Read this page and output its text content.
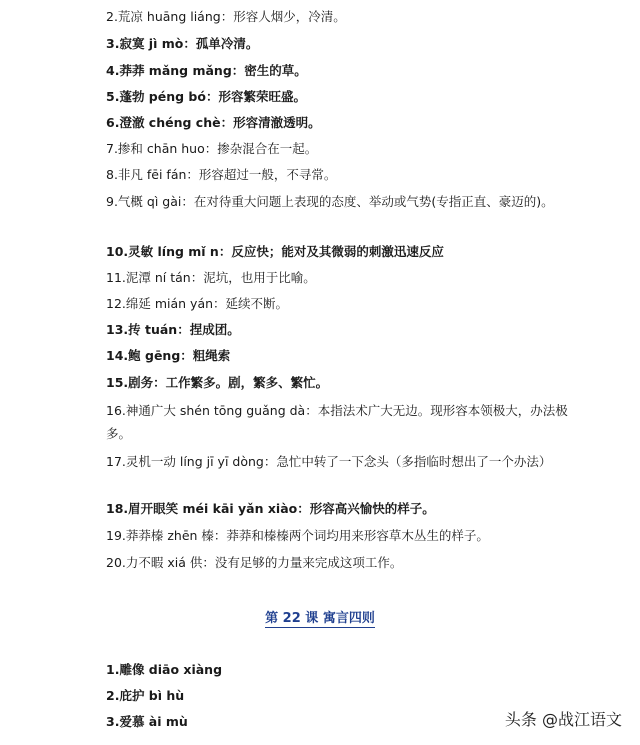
2.荒凉 huāng liáng：形容人烟少，冷清。
3.寂寞 jì mò：孤单冷清。
4.莽莽 mǎng mǎng：密生的草。
5.蓬勃 péng bó：形容繁荣旺盛。
6.澄澈 chéng chè：形容清澈透明。
7.掺和 chān huo：掺杂混合在一起。
8.非凡 fēi fán：形容超过一般，不寻常。
9.气概 qì gài：在对待重大问题上表现的态度、举动或气势(专指正直、豪迈的)。
10.灵敏 líng mǐ n：反应快；能对及其微弱的刺激迅速反应
11.泥潭 ní tán：泥坑，也用于比喻。
12.绵延 mián yán：延续不断。
13.抟 tuán：捏成团。
14.鲍 gēng：粗绳索
15.剧务：工作繁多。剧，繁多、繁忙。
16.神通广大 shén tōng guǎng dà：本指法术广大无边。现形容本领极大，办法极多。
17.灵机一动 líng jī yī dòng：急忙中转了一下念头（多指临时想出了一个办法）
18.眉开眼笑 méi kāi yǎn xiào：形容高兴愉快的样子。
19.莽莽榛 zhēn 榛：莽莽和榛榛两个词均用来形容草木丛生的样子。
20.力不暇 xiá 供：没有足够的力量来完成这项工作。
第 22 课 寓言四则
1.雕像 diāo xiàng
2.庇护 bì hù
3.爱慕 ài mù	头条 @战江语文
